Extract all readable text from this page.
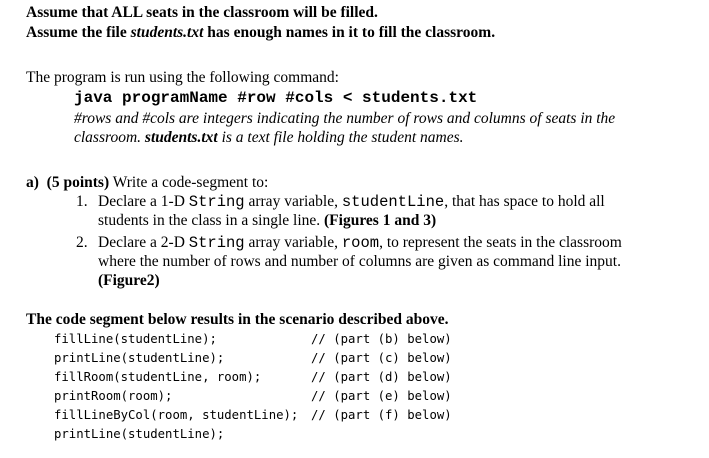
Assume that ALL seats in the classroom will be filled.
Assume the file students.txt has enough names in it to fill the classroom.
The program is run using the following command:
java programName #row #cols < students.txt
#rows and #cols are integers indicating the number of rows and columns of seats in the
classroom. students.txt is a text file holding the student names.
a) (5 points) Write a code-segment to:
1. Declare a 1-D String array variable, studentLine, that has space to hold all
students in the class in a single line. (Figures 1 and 3)
2. Declare a 2-D String array variable, room, to represent the seats in the classroom
where the number of rows and number of columns are given as command line input.
(Figure2)
The code segment below results in the scenario described above.
fillLine(studentLine);	// (part (b) below)
printLine(studentLine);	// (part (c) below)
fillRoom(studentLine, room);	// (part (d) below)
printRoom(room);	// (part (e) below)
fillLineByCol(room, studentLine); // (part (f) below)
printLine(studentLine);
